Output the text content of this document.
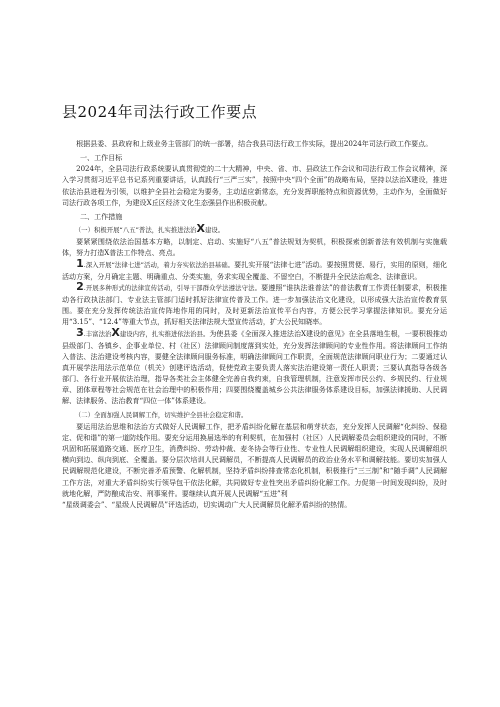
县2024年司法行政工作要点

根据县委、县政府和上级业务主管部门的统一部署，结合我县司法行政工作实际，提出2024年司法行政工作要点。

一、工作目标

2024年，全县司法行政系统要认真贯彻党的二十大精神，中央、省、市、县政法工作会议和司法行政工作会议精神，深入学习贯彻习近平总书记系列重要讲话，认真践行“三严三实”，按照中央“四个全面”的战略布局，坚持以法治X建设，推进依法治县进程为引领，以维护全县社会稳定为要务，主动适应新常态，充分发挥职能特点和资源优势，主动作为，全面做好司法行政各项工作，为建设X丘区经济文化生态强县作出积极贡献。

二、工作措施

（一）积极开展“八五”普法，扎实推进法治X建设。

要紧紧围绕依法治国基本方略，以制定、启动、实施好“八五”普法规划为契机，积极探索创新普法有效机制与实施载体，努力打造X普法工作特点、亮点。

1.深入开展“法律七进”活动，着力夯实依法治县基础。要扎实开展“法律七进”活动。要按照贯便、易行，实用的原则，细化活动方案，分月确定主题、明确重点、分类实施，务求实现全覆盖、不留空白，不断提升全民法治观念、法律意识。

2.开展多种形式的法律宣传活动，引导干部群众学法遵法守法。要遵照“谁执法谁普法”的普法教育工作责任制要求，积极推动各行政执法部门、专业法主管部门适时抓好法律宣传普及工作。进一步加强法治文化建设，以形成强大法治宣传教育氛围。要在充分发挥传统法治宣传阵地作用的同时，及时更新法治宣传平台内容，方便公民学习掌握法律知识。要充分运用“3.15”、“12.4”等重大节点，抓好相关法律法规大型宣传活动，扩大公民知晓率。

3.丰富法治X建设内容，扎实推进依法治县。为使县委《全面深入推进法治X建设的意见》在全县落地生根，一要积极推动县级部门、各镇乡、企事业单位、村（社区）法律顾问制度落到实处，充分发挥法律顾问的专业性作用。将法律顾问工作纳入普法、法治建设考核内容，要健全法律顾问服务标准，明确法律顾问工作职责，全面规范法律顾问职业行为；二要通过认真开展学法用法示范单位（机关）创建评选活动，促使党政主要负责人落实法治建设第一责任人职责；三要认真指导各级各部门、各行业开展依法治理，指导各类社会主体健全完善自我约束，自我管理机制，注意发挥市民公约、乡规民约、行业规章、团体章程等社会规范在社会治理中的积极作用；四要围绕覆盖城乡公共法律服务体系建设目标，加强法律援助、人民调解、法律服务、法治教育“四位一体”体系建设。

（二）全面加强人民调解工作，切实维护全县社会稳定和谐。

要运用法治思维和法治方式做好人民调解工作，把矛盾纠纷化解在基层和萌芽状态，充分发挥人民调解“化纠纷、保稳定、促和谐”的第一道防线作用。要充分运用换届选举的有利契机，在加强村（社区）人民调解委员会组织建设的同时，不断巩固和拓展道路交通、医疗卫生，消费纠纷、劳动仲裁、麦冬协会等行业性、专业性人民调解组织建设，实现人民调解组织横向到边、纵向到底、全覆盖。要分层次培训人民调解员，不断提高人民调解员的政治业务水平和调解技能。要切实加强人民调解规范化建设，不断完善矛盾预警、化解机制，坚持矛盾纠纷排查常态化机制，积极推行“三三制”和“随手调”人民调解工作方法，对重大矛盾纠纷实行领导包干依法化解，共同做好专业性突出矛盾纠纷化解工作。力促第一时间发现纠纷，及时就地化解，严防酿成治安、刑事案件。要继续认真开展人民调解“五进”利

“星级调委会”、“星级人民调解员”评选活动，切实调动广大人民调解员化解矛盾纠纷的热情。
